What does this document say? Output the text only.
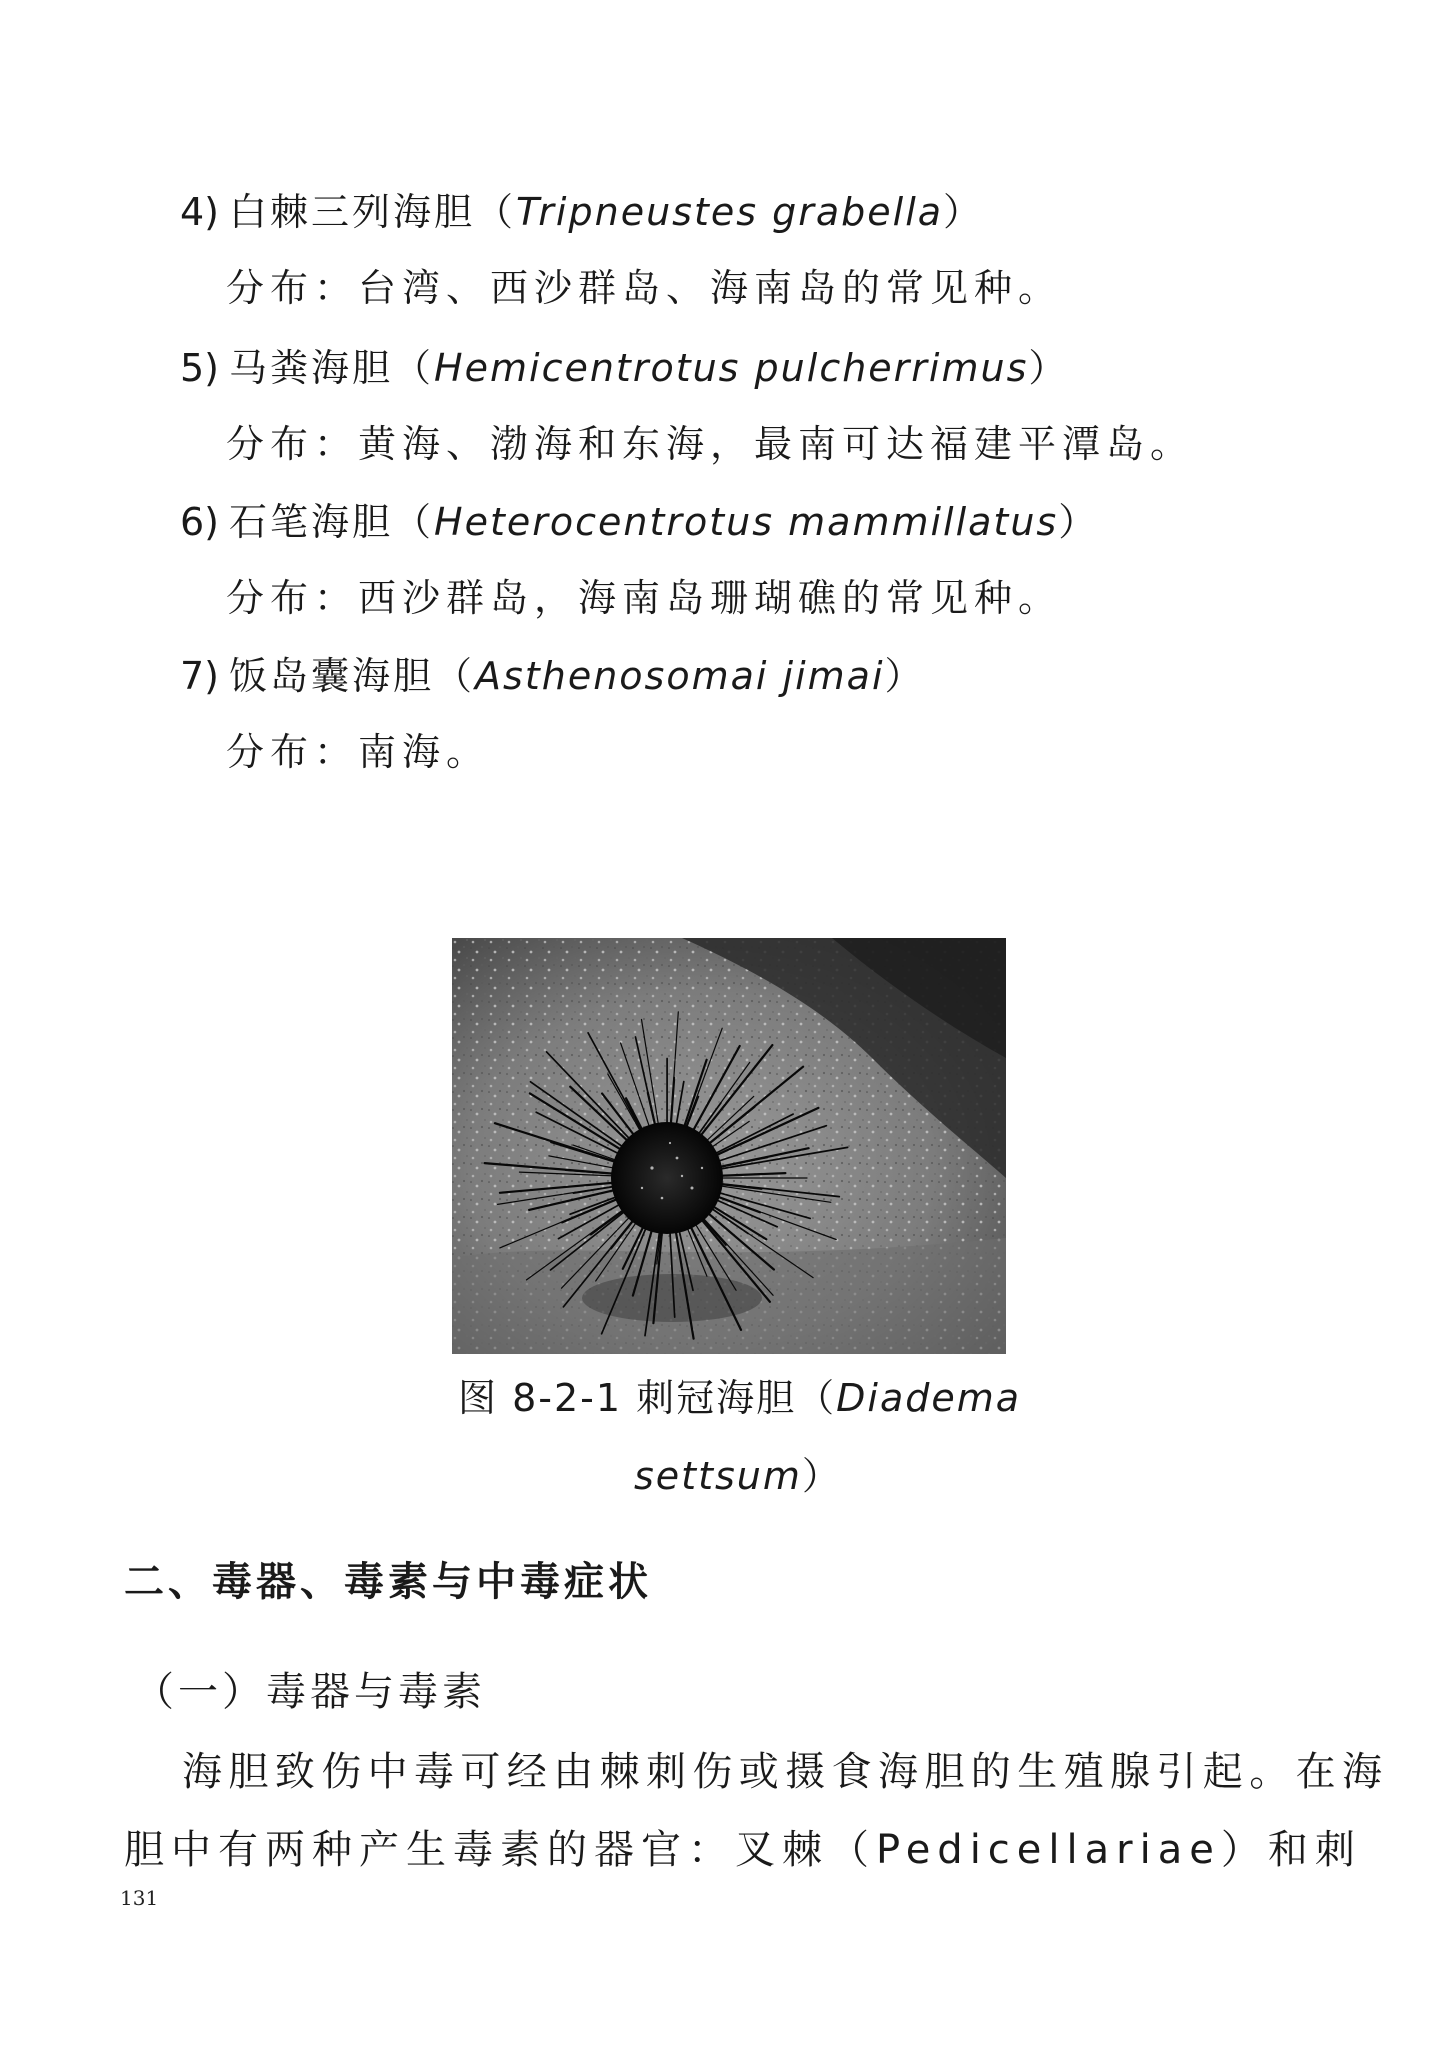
4) 白棘三列海胆（Tripneustes grabella）
分布：台湾、西沙群岛、海南岛的常见种。
5) 马粪海胆（Hemicentrotus pulcherrimus）
分布：黄海、渤海和东海，最南可达福建平潭岛。
6) 石笔海胆（Heterocentrotus mammillatus）
分布：西沙群岛，海南岛珊瑚礁的常见种。
7) 饭岛囊海胆（Asthenosomai jimai）
分布：南海。
图 8-2-1 刺冠海胆（Diadema
settsum）
二、毒器、毒素与中毒症状
（一）毒器与毒素
海胆致伤中毒可经由棘刺伤或摄食海胆的生殖腺引起。在海
胆中有两种产生毒素的器官：叉棘（Pedicellariae）和刺
131
